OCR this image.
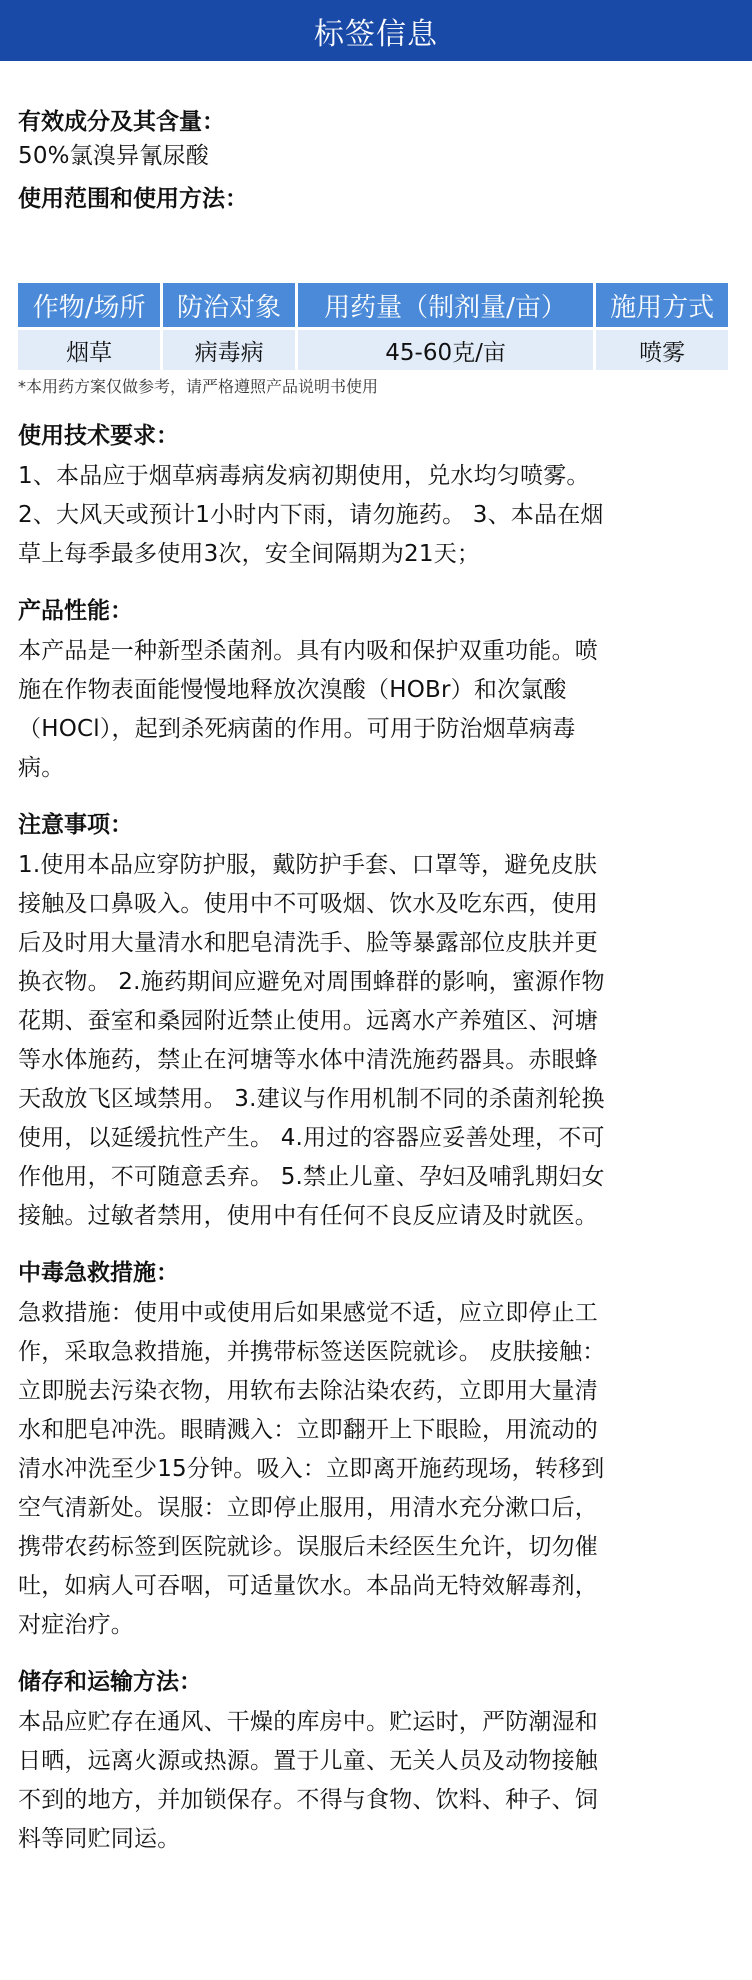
标签信息

有效成分及其含量：

50%氯溴异氰尿酸

使用范围和使用方法：

作物/场所	防治对象	用药量（制剂量/亩）	施用方式
烟草	病毒病	45-60克/亩	喷雾

*本用药方案仅做参考，请严格遵照产品说明书使用

使用技术要求：

1、本品应于烟草病毒病发病初期使用，兑水均匀喷雾。

2、大风天或预计1小时内下雨，请勿施药。 3、本品在烟

草上每季最多使用3次，安全间隔期为21天；

产品性能：

本产品是一种新型杀菌剂。具有内吸和保护双重功能。喷

施在作物表面能慢慢地释放次溴酸（HOBr）和次氯酸

（HOCl），起到杀死病菌的作用。可用于防治烟草病毒

病。

注意事项：

1.使用本品应穿防护服，戴防护手套、口罩等，避免皮肤

接触及口鼻吸入。使用中不可吸烟、饮水及吃东西，使用

后及时用大量清水和肥皂清洗手、脸等暴露部位皮肤并更

换衣物。 2.施药期间应避免对周围蜂群的影响，蜜源作物

花期、蚕室和桑园附近禁止使用。远离水产养殖区、河塘

等水体施药，禁止在河塘等水体中清洗施药器具。赤眼蜂

天敌放飞区域禁用。 3.建议与作用机制不同的杀菌剂轮换

使用，以延缓抗性产生。 4.用过的容器应妥善处理，不可

作他用，不可随意丢弃。 5.禁止儿童、孕妇及哺乳期妇女

接触。过敏者禁用，使用中有任何不良反应请及时就医。

中毒急救措施：

急救措施：使用中或使用后如果感觉不适，应立即停止工

作，采取急救措施，并携带标签送医院就诊。 皮肤接触：

立即脱去污染衣物，用软布去除沾染农药，立即用大量清

水和肥皂冲洗。眼睛溅入：立即翻开上下眼睑，用流动的

清水冲洗至少15分钟。吸入：立即离开施药现场，转移到

空气清新处。误服：立即停止服用，用清水充分漱口后，

携带农药标签到医院就诊。误服后未经医生允许，切勿催

吐，如病人可吞咽，可适量饮水。本品尚无特效解毒剂，

对症治疗。

储存和运输方法：

本品应贮存在通风、干燥的库房中。贮运时，严防潮湿和

日晒，远离火源或热源。置于儿童、无关人员及动物接触

不到的地方，并加锁保存。不得与食物、饮料、种子、饲

料等同贮同运。
